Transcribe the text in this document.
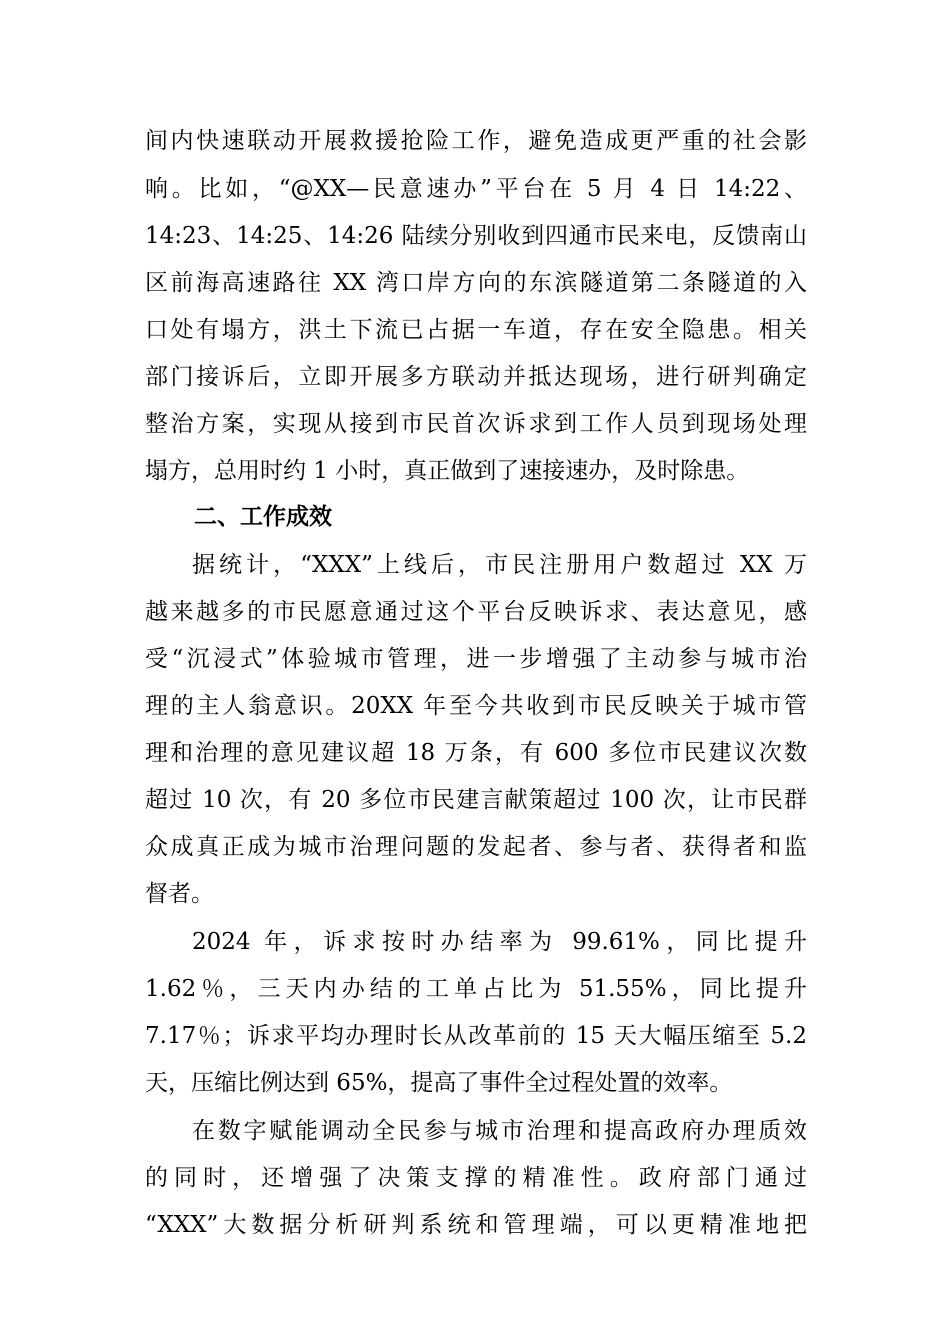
间内快速联动开展救援抢险工作，避免造成更严重的社会影
响。比如，“@XX—民意速办”平台在 5 月 4 日 14:22、
14:23、14:25、14:26 陆续分别收到四通市民来电，反馈南山
区前海高速路往 XX 湾口岸方向的东滨隧道第二条隧道的入
口处有塌方，洪土下流已占据一车道，存在安全隐患。相关
部门接诉后，立即开展多方联动并抵达现场，进行研判确定
整治方案，实现从接到市民首次诉求到工作人员到现场处理
塌方，总用时约 1 小时，真正做到了速接速办，及时除患。
二、工作成效
据统计，“XXX”上线后，市民注册用户数超过 XX 万
越来越多的市民愿意通过这个平台反映诉求、表达意见，感
受“沉浸式”体验城市管理，进一步增强了主动参与城市治
理的主人翁意识。20XX 年至今共收到市民反映关于城市管
理和治理的意见建议超 18 万条，有 600 多位市民建议次数
超过 10 次，有 20 多位市民建言献策超过 100 次，让市民群
众成真正成为城市治理问题的发起者、参与者、获得者和监
督者。
2024 年，诉求按时办结率为 99.61%，同比提升
1.62％，三天内办结的工单占比为 51.55%，同比提升
7.17％；诉求平均办理时长从改革前的 15 天大幅压缩至 5.2
天，压缩比例达到 65%，提高了事件全过程处置的效率。
在数字赋能调动全民参与城市治理和提高政府办理质效
的同时，还增强了决策支撑的精准性。政府部门通过
“XXX”大数据分析研判系统和管理端，可以更精准地把
